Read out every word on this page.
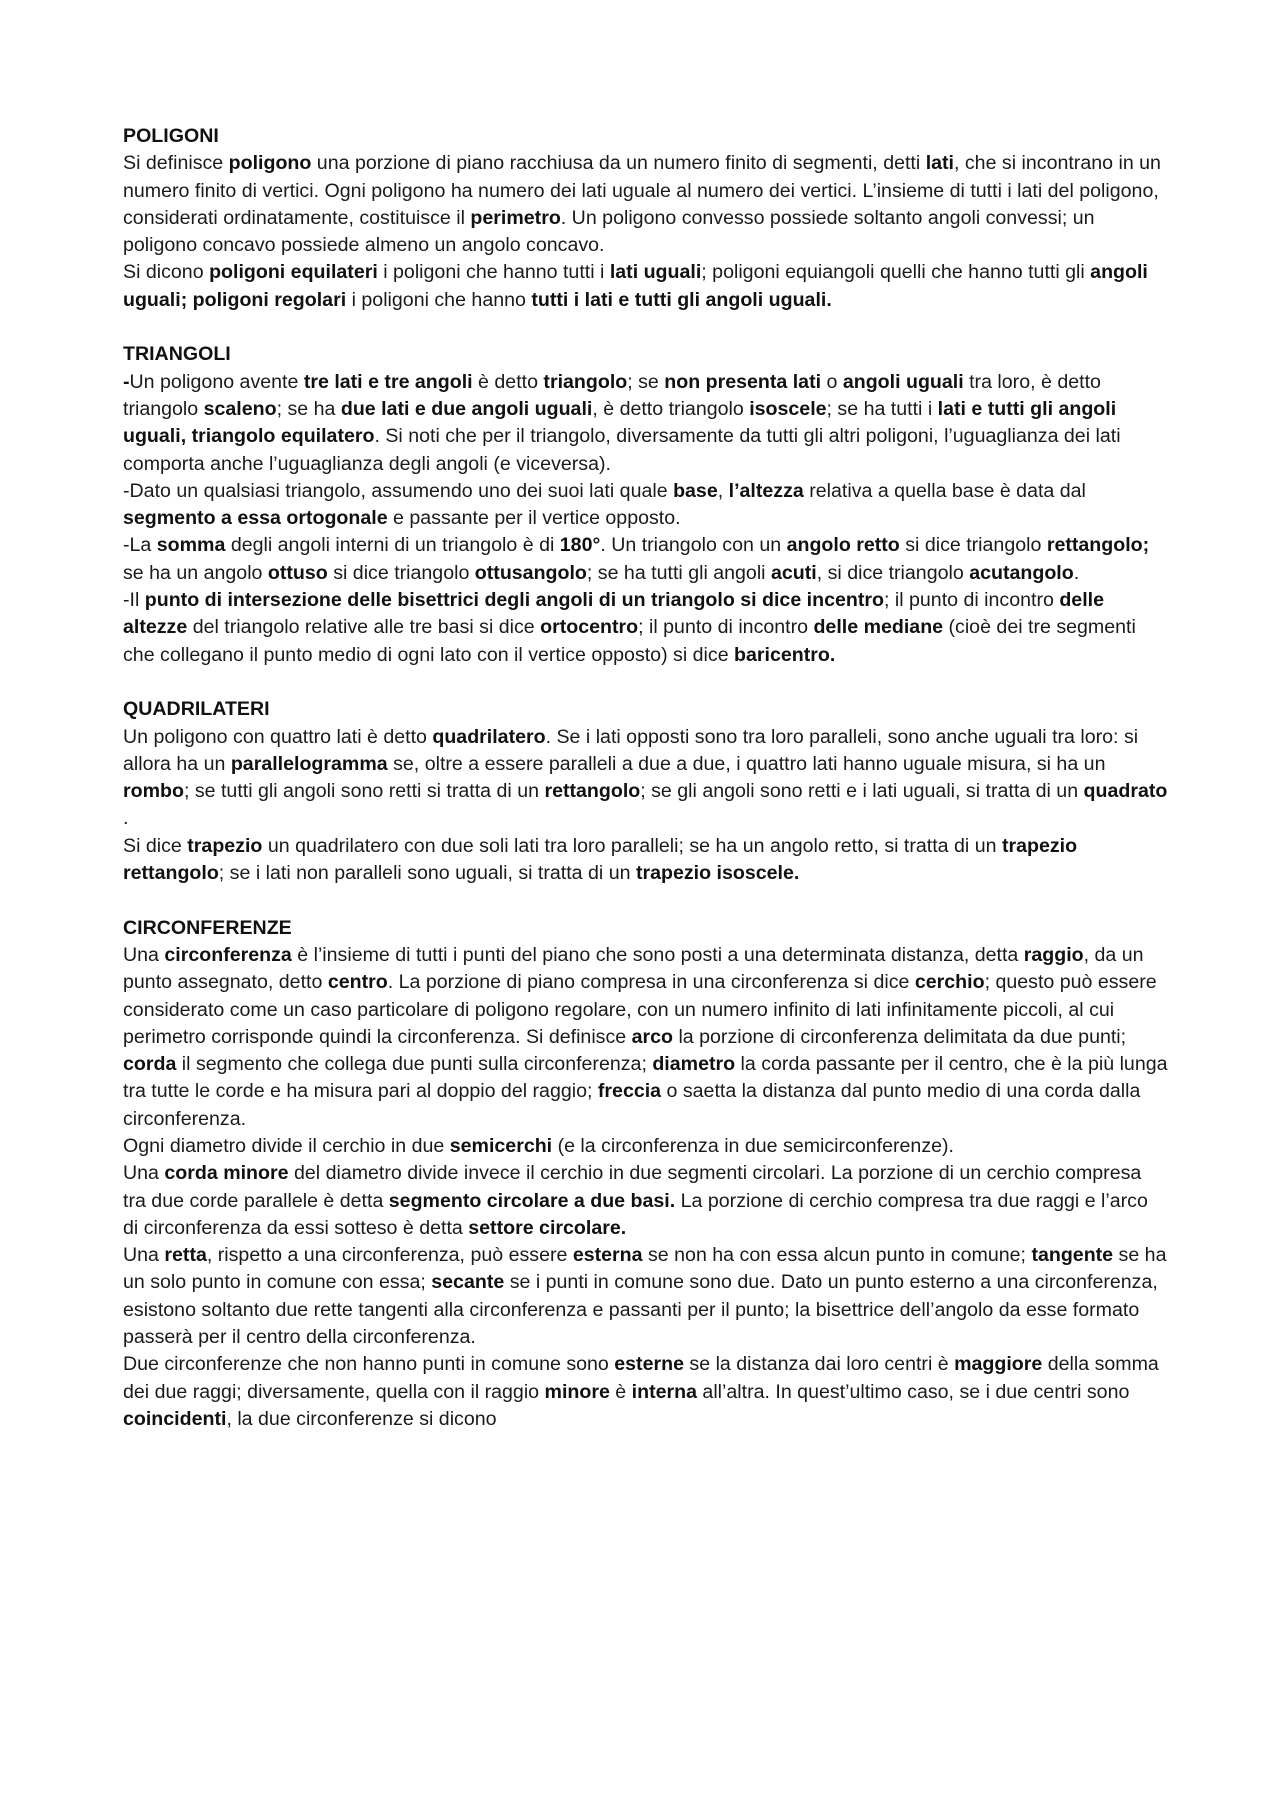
POLIGONI

Si definisce poligono una porzione di piano racchiusa da un numero finito di segmenti, detti lati, che si incontrano in un numero finito di vertici. Ogni poligono ha numero dei lati uguale al numero dei vertici. L’insieme di tutti i lati del poligono, considerati ordinatamente, costituisce il perimetro. Un poligono convesso possiede soltanto angoli convessi; un poligono concavo possiede almeno un angolo concavo.

Si dicono poligoni equilateri i poligoni che hanno tutti i lati uguali; poligoni equiangoli quelli che hanno tutti gli angoli uguali; poligoni regolari i poligoni che hanno tutti i lati e tutti gli angoli uguali.

TRIANGOLI

-Un poligono avente tre lati e tre angoli è detto triangolo; se non presenta lati o angoli uguali tra loro, è detto triangolo scaleno; se ha due lati e due angoli uguali, è detto triangolo isoscele; se ha tutti i lati e tutti gli angoli uguali, triangolo equilatero. Si noti che per il triangolo, diversamente da tutti gli altri poligoni, l’uguaglianza dei lati comporta anche l’uguaglianza degli angoli (e viceversa).

-Dato un qualsiasi triangolo, assumendo uno dei suoi lati quale base, l’altezza relativa a quella base è data dal segmento a essa ortogonale e passante per il vertice opposto.

-La somma degli angoli interni di un triangolo è di 180°. Un triangolo con un angolo retto si dice triangolo rettangolo; se ha un angolo ottuso si dice triangolo ottusangolo; se ha tutti gli angoli acuti, si dice triangolo acutangolo.

-Il punto di intersezione delle bisettrici degli angoli di un triangolo si dice incentro; il punto di incontro delle altezze del triangolo relative alle tre basi si dice ortocentro; il punto di incontro delle mediane (cioè dei tre segmenti che collegano il punto medio di ogni lato con il vertice opposto) si dice baricentro.

QUADRILATERI

Un poligono con quattro lati è detto quadrilatero. Se i lati opposti sono tra loro paralleli, sono anche uguali tra loro: si allora ha un parallelogramma se, oltre a essere paralleli a due a due, i quattro lati hanno uguale misura, si ha un rombo; se tutti gli angoli sono retti si tratta di un rettangolo; se gli angoli sono retti e i lati uguali, si tratta di un quadrato .

Si dice trapezio un quadrilatero con due soli lati tra loro paralleli; se ha un angolo retto, si tratta di un trapezio rettangolo; se i lati non paralleli sono uguali, si tratta di un trapezio isoscele.

CIRCONFERENZE

Una circonferenza è l’insieme di tutti i punti del piano che sono posti a una determinata distanza, detta raggio, da un punto assegnato, detto centro. La porzione di piano compresa in una circonferenza si dice cerchio; questo può essere considerato come un caso particolare di poligono regolare, con un numero infinito di lati infinitamente piccoli, al cui perimetro corrisponde quindi la circonferenza. Si definisce arco la porzione di circonferenza delimitata da due punti; corda il segmento che collega due punti sulla circonferenza; diametro la corda passante per il centro, che è la più lunga tra tutte le corde e ha misura pari al doppio del raggio; freccia o saetta la distanza dal punto medio di una corda dalla circonferenza.

Ogni diametro divide il cerchio in due semicerchi (e la circonferenza in due semicirconferenze).

Una corda minore del diametro divide invece il cerchio in due segmenti circolari. La porzione di un cerchio compresa tra due corde parallele è detta segmento circolare a due basi. La porzione di cerchio compresa tra due raggi e l’arco di circonferenza da essi sotteso è detta settore circolare.

Una retta, rispetto a una circonferenza, può essere esterna se non ha con essa alcun punto in comune; tangente se ha un solo punto in comune con essa; secante se i punti in comune sono due. Dato un punto esterno a una circonferenza, esistono soltanto due rette tangenti alla circonferenza e passanti per il punto; la bisettrice dell’angolo da esse formato passerà per il centro della circonferenza.

Due circonferenze che non hanno punti in comune sono esterne se la distanza dai loro centri è maggiore della somma dei due raggi; diversamente, quella con il raggio minore è interna all’altra. In quest’ultimo caso, se i due centri sono coincidenti, la due circonferenze si dicono
